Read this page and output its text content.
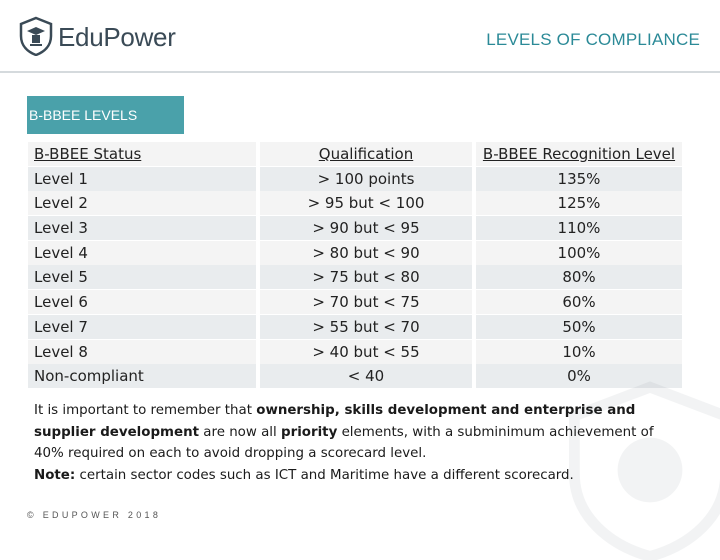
EduPower	LEVELS OF COMPLIANCE
B-BBEE LEVELS
B-BBEE Status	Qualification	B-BBEE Recognition Level
Level 1	> 100 points	135%
Level 2	> 95 but < 100	125%
Level 3	> 90 but < 95	110%
Level 4	> 80 but < 90	100%
Level 5	> 75 but < 80	80%
Level 6	> 70 but < 75	60%
Level 7	> 55 but < 70	50%
Level 8	> 40 but < 55	10%
Non-compliant	< 40	0%
It is important to remember that ownership, skills development and enterprise and supplier development are now all priority elements, with a subminimum achievement of 40% required on each to avoid dropping a scorecard level.
Note: certain sector codes such as ICT and Maritime have a different scorecard.
© EDUPOWER 2018
